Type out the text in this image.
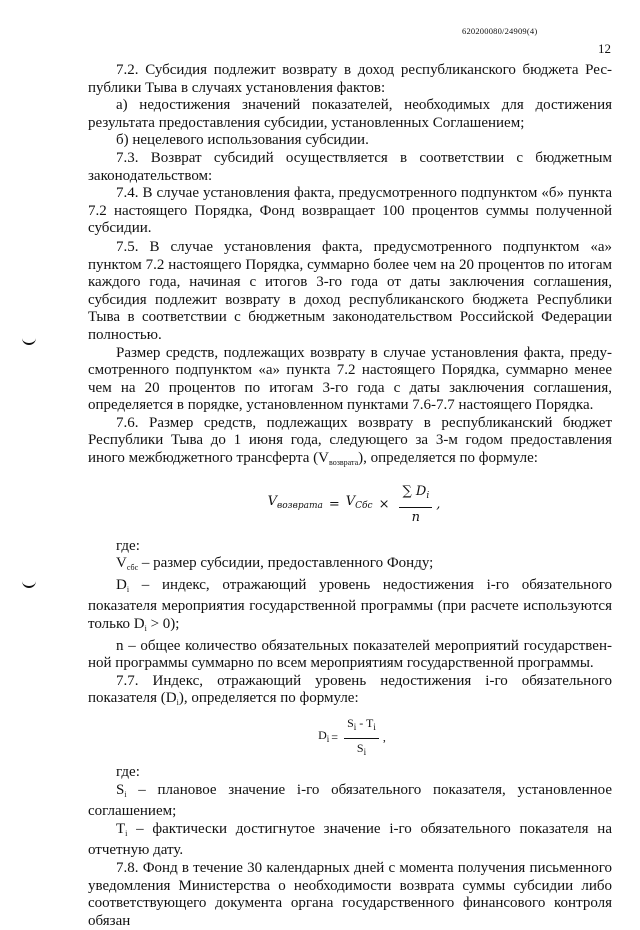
620200080/24909(4)
12

7.2. Субсидия подлежит возврату в доход республиканского бюджета Республики Тыва в случаях установления фактов:

а) недостижения значений показателей, необходимых для достижения результата предоставления субсидии, установленных Соглашением;

б) нецелевого использования субсидии.

7.3. Возврат субсидий осуществляется в соответствии с бюджетным законодательством:

7.4. В случае установления факта, предусмотренного подпунктом «б» пункта 7.2 настоящего Порядка, Фонд возвращает 100 процентов суммы полученной субсидии.

7.5. В случае установления факта, предусмотренного подпунктом «а» пунктом 7.2 настоящего Порядка, суммарно более чем на 20 процентов по итогам каждого года, начиная с итогов 3-го года от даты заключения соглашения, субсидия подлежит возврату в доход республиканского бюджета Республики Тыва в соответствии с бюджетным законодательством Российской Федерации полностью.

Размер средств, подлежащих возврату в случае установления факта, предусмотренного подпунктом «а» пункта 7.2 настоящего Порядка, суммарно менее чем на 20 процентов по итогам 3-го года с даты заключения соглашения, определяется в порядке, установленном пунктами 7.6-7.7 настоящего Порядка.

7.6. Размер средств, подлежащих возврату в республиканский бюджет Республики Тыва до 1 июня года, следующего за 3-м годом предоставления иного межбюджетного трансферта $(V_{возврата})$, определяется по формуле:

$V_{возврата} = V_{Cбс} \times \frac{\sum D_i}{n}$ ,

где:

$V_{сбс}$ – размер субсидии, предоставленного Фонду;

$D_i$ – индекс, отражающий уровень недостижения i-го обязательного показателя мероприятия государственной программы (при расчете используются только $D_i > 0$);

n – общее количество обязательных показателей мероприятий государственной программы суммарно по всем мероприятиям государственной программы.

7.7. Индекс, отражающий уровень недостижения i-го обязательного показателя $(D_i)$, определяется по формуле:

$D_i = \frac{S_i - T_i}{S_i}$ ,

где:

$S_i$ – плановое значение i-го обязательного показателя, установленное соглашением;

$T_i$ – фактически достигнутое значение i-го обязательного показателя на отчетную дату.

7.8. Фонд в течение 30 календарных дней с момента получения письменного уведомления Министерства о необходимости возврата суммы субсидии либо соответствующего документа органа государственного финансового контроля обязан
